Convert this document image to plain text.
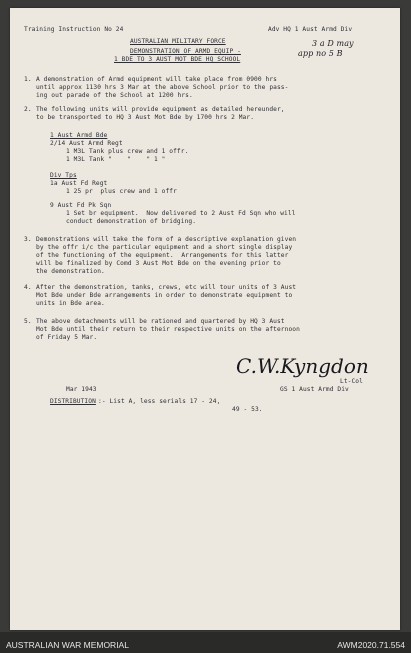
Training Instruction No 24	Adv HQ 1 Aust Armd Div
3 a D may
app no 5 B
AUSTRALIAN MILITARY FORCE
DEMONSTRATION OF ARMD EQUIP -
1 BDE TO 3 AUST MOT BDE HQ SCHOOL
1. A demonstration of Armd equipment will take place from 0900 hrs
until approx 1130 hrs 3 Mar at the above School prior to the pass-
ing out parade of the School at 1200 hrs.
2. The following units will provide equipment as detailed hereunder,
to be transported to HQ 3 Aust Mot Bde by 1700 hrs 2 Mar.
1 Aust Armd Bde
2/14 Aust Armd Regt
1 M3L Tank plus crew and 1 offr.
1 M3L Tank "    "    " 1 "
Div Tps
1a Aust Fd Regt
1 25 pr  plus crew and 1 offr
9 Aust Fd Pk Sqn
1 Set br equipment.  Now delivered to 2 Aust Fd Sqn who will
conduct demonstration of bridging.
3. Demonstrations will take the form of a descriptive explanation given
by the offr i/c the particular equipment and a short single display
of the functioning of the equipment.  Arrangements for this latter
will be finalized by Comd 3 Aust Mot Bde on the evening prior to
the demonstration.
4. After the demonstration, tanks, crews, etc will tour units of 3 Aust
Mot Bde under Bde arrangements in order to demonstrate equipment to
units in Bde area.
5. The above detachments will be rationed and quartered by HQ 3 Aust
Mot Bde until their return to their respective units on the afternoon
of Friday 5 Mar.
C.W.Kyngdon
Lt-Col
Mar 1943	GS 1 Aust Armd Div
DISTRIBUTION :- List A, less serials 17 - 24,
49 - 53.
AUSTRALIAN WAR MEMORIAL	AWM2020.71.554
